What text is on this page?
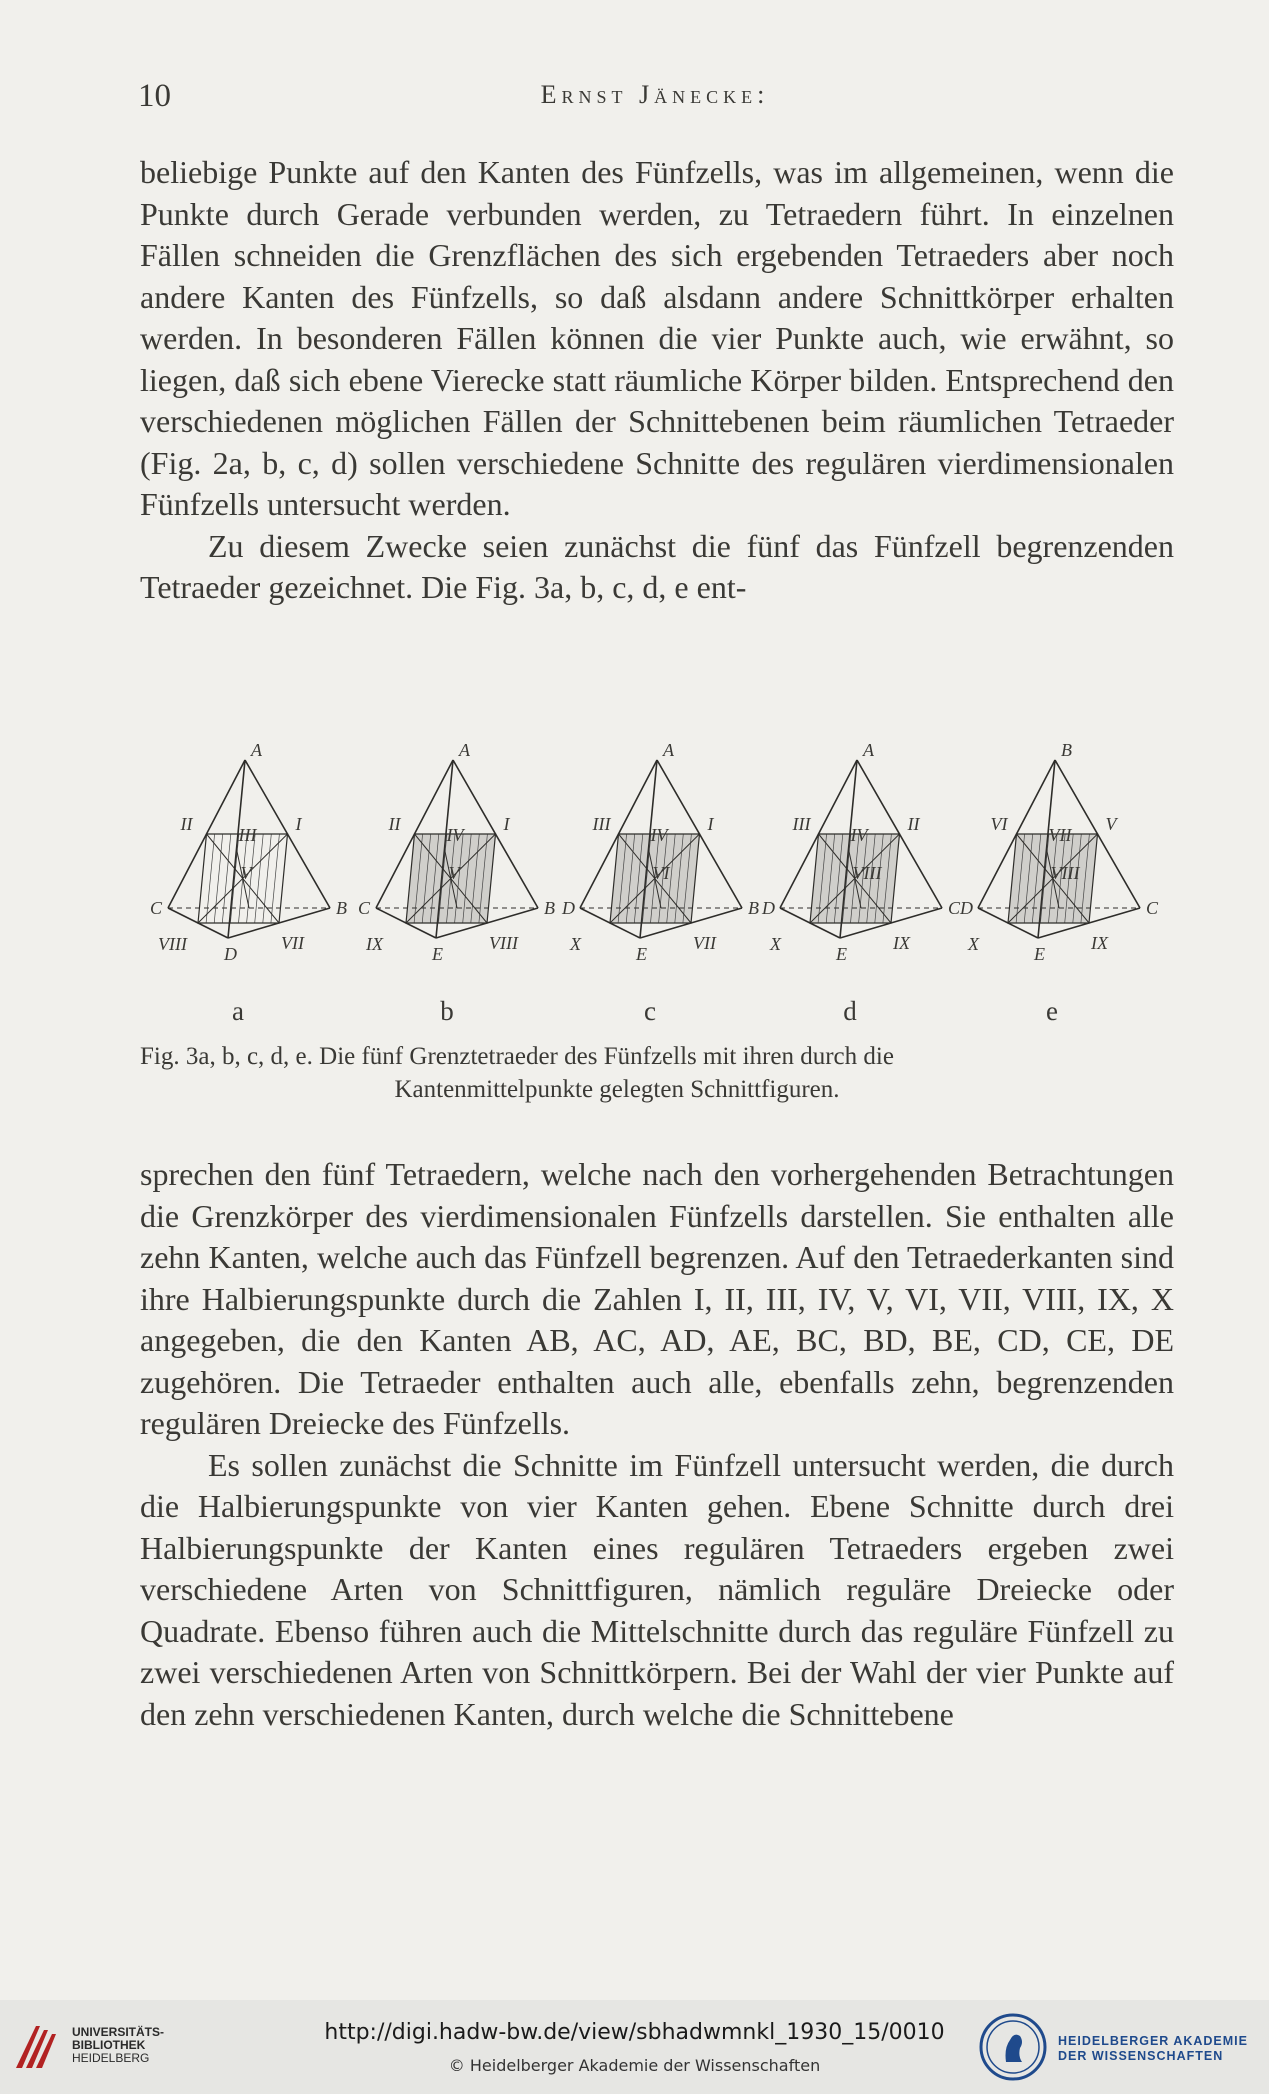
10	Ernst Jänecke:

beliebige Punkte auf den Kanten des Fünfzells, was im allgemeinen, wenn die Punkte durch Gerade verbunden werden, zu Tetraedern führt. In einzelnen Fällen schneiden die Grenzflächen des sich ergebenden Tetraeders aber noch andere Kanten des Fünfzells, so daß alsdann andere Schnittkörper erhalten werden. In besonderen Fällen können die vier Punkte auch, wie erwähnt, so liegen, daß sich ebene Vierecke statt räumliche Körper bilden. Entsprechend den verschiedenen möglichen Fällen der Schnittebenen beim räumlichen Tetraeder (Fig. 2a, b, c, d) sollen verschiedene Schnitte des regulären vierdimensionalen Fünfzells untersucht werden.

Zu diesem Zwecke seien zunächst die fünf das Fünfzell begrenzenden Tetraeder gezeichnet. Die Fig. 3a, b, c, d, e ent-

A
C	B
D
II	I
III
V
VIII	VII
A
C	B
E
II	I
IV
V
IX	VIII
A
D	B
E
III	I
IV
VI
X	VII
A
D	C
E
III	II
IV
VIII
X	IX
B
D	C
E
VI	V
VII
VIII
X	IX
a	b	c	d	e
Fig. 3a, b, c, d, e. Die fünf Grenztetraeder des Fünfzells mit ihren durch die

Kantenmittelpunkte gelegten Schnittfiguren.

sprechen den fünf Tetraedern, welche nach den vorhergehenden Betrachtungen die Grenzkörper des vierdimensionalen Fünfzells darstellen. Sie enthalten alle zehn Kanten, welche auch das Fünfzell begrenzen. Auf den Tetraederkanten sind ihre Halbierungspunkte durch die Zahlen I, II, III, IV, V, VI, VII, VIII, IX, X angegeben, die den Kanten AB, AC, AD, AE, BC, BD, BE, CD, CE, DE zugehören. Die Tetraeder enthalten auch alle, ebenfalls zehn, begrenzenden regulären Dreiecke des Fünfzells.

Es sollen zunächst die Schnitte im Fünfzell untersucht werden, die durch die Halbierungspunkte von vier Kanten gehen. Ebene Schnitte durch drei Halbierungspunkte der Kanten eines regulären Tetraeders ergeben zwei verschiedene Arten von Schnittfiguren, nämlich reguläre Dreiecke oder Quadrate. Ebenso führen auch die Mittelschnitte durch das reguläre Fünfzell zu zwei verschiedenen Arten von Schnittkörpern. Bei der Wahl der vier Punkte auf den zehn verschiedenen Kanten, durch welche die Schnittebene

UNIVERSITÄTS-
BIBLIOTHEK
HEIDELBERG
http://digi.hadw-bw.de/view/sbhadwmnkl_1930_15/0010
© Heidelberger Akademie der Wissenschaften
HEIDELBERGER AKADEMIE
DER WISSENSCHAFTEN
